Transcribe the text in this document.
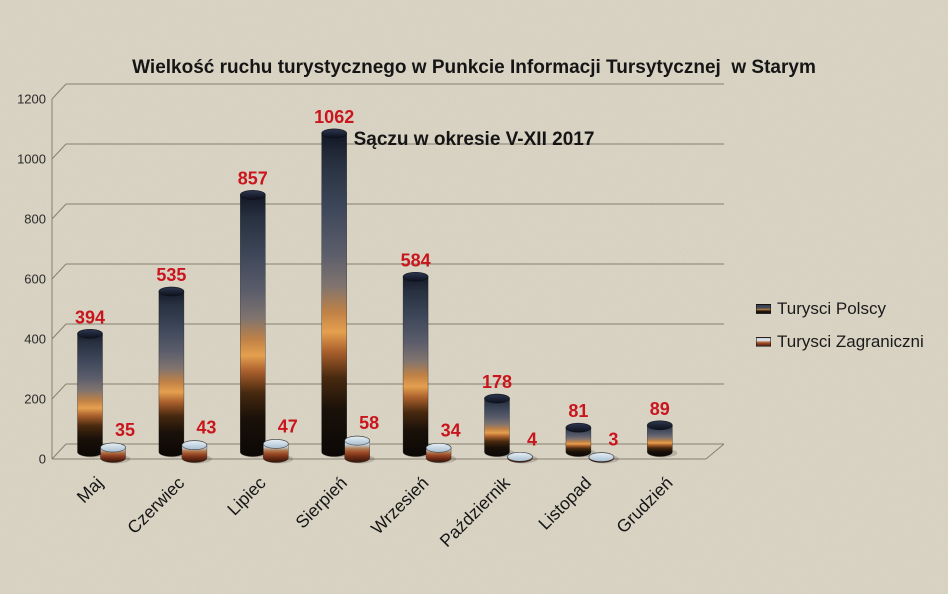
Wielkość ruchu turystycznego w Punkcie Informacji Tursytycznej  w Starym

Sączu w okresie V-XII 2017

0
200
400
600
800
1000
1200
394
35
Maj
535
43
Czerwiec
857
47
Lipiec
1062
58
Sierpień
584
34
Wrzesień
178
4
Październik
81
3
Listopad
89
Grudzień
Turysci Polscy
Turysci Zagraniczni
